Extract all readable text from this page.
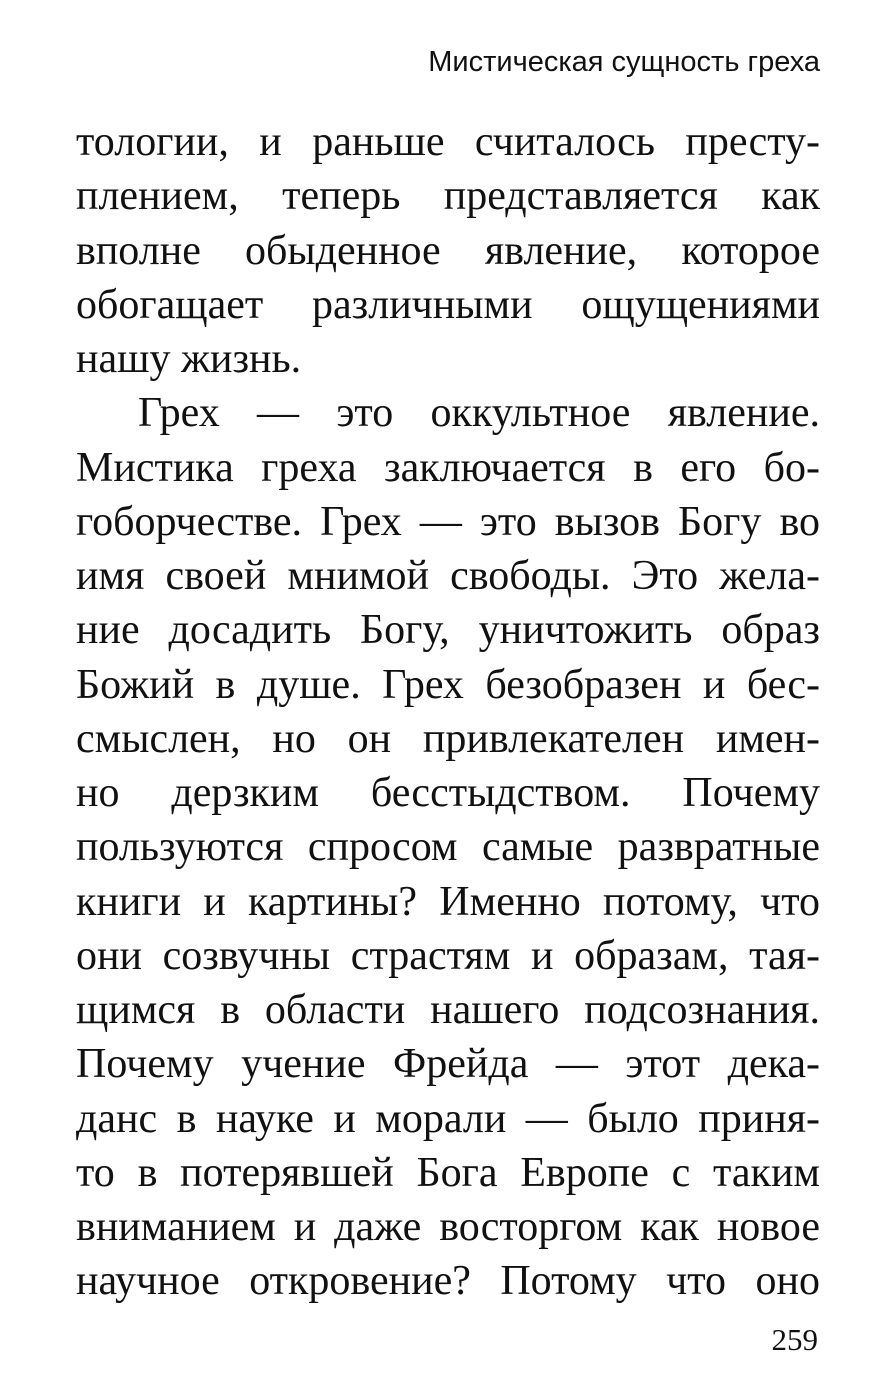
Мистическая сущность греха
тологии, и раньше считалось престу-
плением, теперь представляется как
вполне обыденное явление, которое
обогащает различными ощущениями
нашу жизнь.
Грех — это оккультное явление.
Мистика греха заключается в его бо-
гоборчестве. Грех — это вызов Богу во
имя своей мнимой свободы. Это жела-
ние досадить Богу, уничтожить образ
Божий в душе. Грех безобразен и бес-
смыслен, но он привлекателен имен-
но дерзким бесстыдством. Почему
пользуются спросом самые развратные
книги и картины? Именно потому, что
они созвучны страстям и образам, тая-
щимся в области нашего подсознания.
Почему учение Фрейда — этот дека-
данс в науке и морали — было приня-
то в потерявшей Бога Европе с таким
вниманием и даже восторгом как новое
научное откровение? Потому что оно
259
